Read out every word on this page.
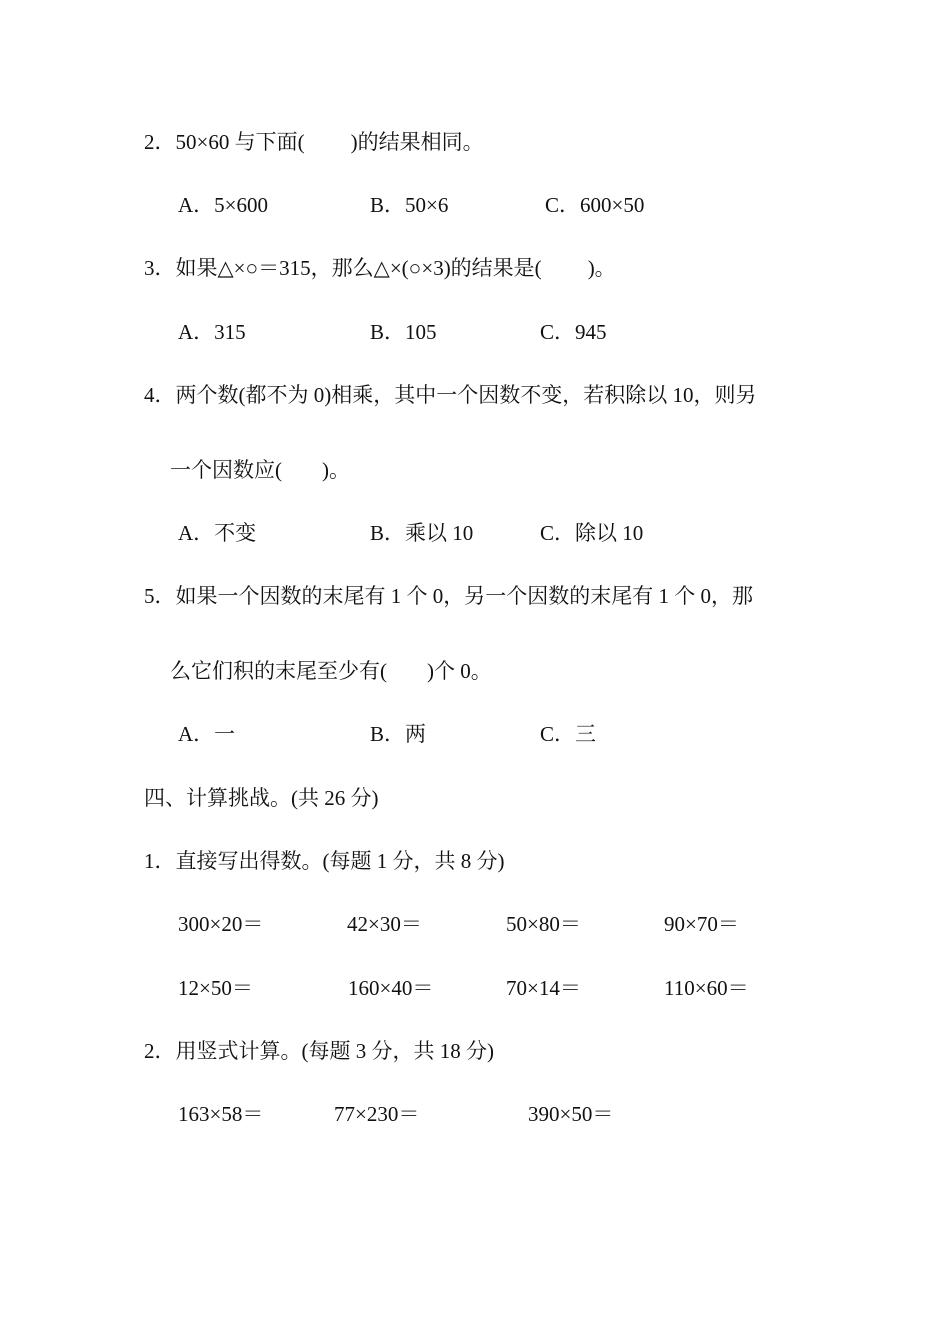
2．50×60 与下面( )的结果相同。
A．5×600	B．50×6	C．600×50
3．如果△×○＝315，那么△×(○×3)的结果是( )。
A．315	B．105	C．945
4．两个数(都不为 0)相乘，其中一个因数不变，若积除以 10，则另
一个因数应( )。
A．不变	B．乘以 10	C．除以 10
5．如果一个因数的末尾有 1 个 0，另一个因数的末尾有 1 个 0，那
么它们积的末尾至少有( )个 0。
A．一	B．两	C．三
四、计算挑战。(共 26 分)
1．直接写出得数。(每题 1 分，共 8 分)
300×20＝	42×30＝	50×80＝	90×70＝
12×50＝	160×40＝	70×14＝	110×60＝
2．用竖式计算。(每题 3 分，共 18 分)
163×58＝	77×230＝	390×50＝
